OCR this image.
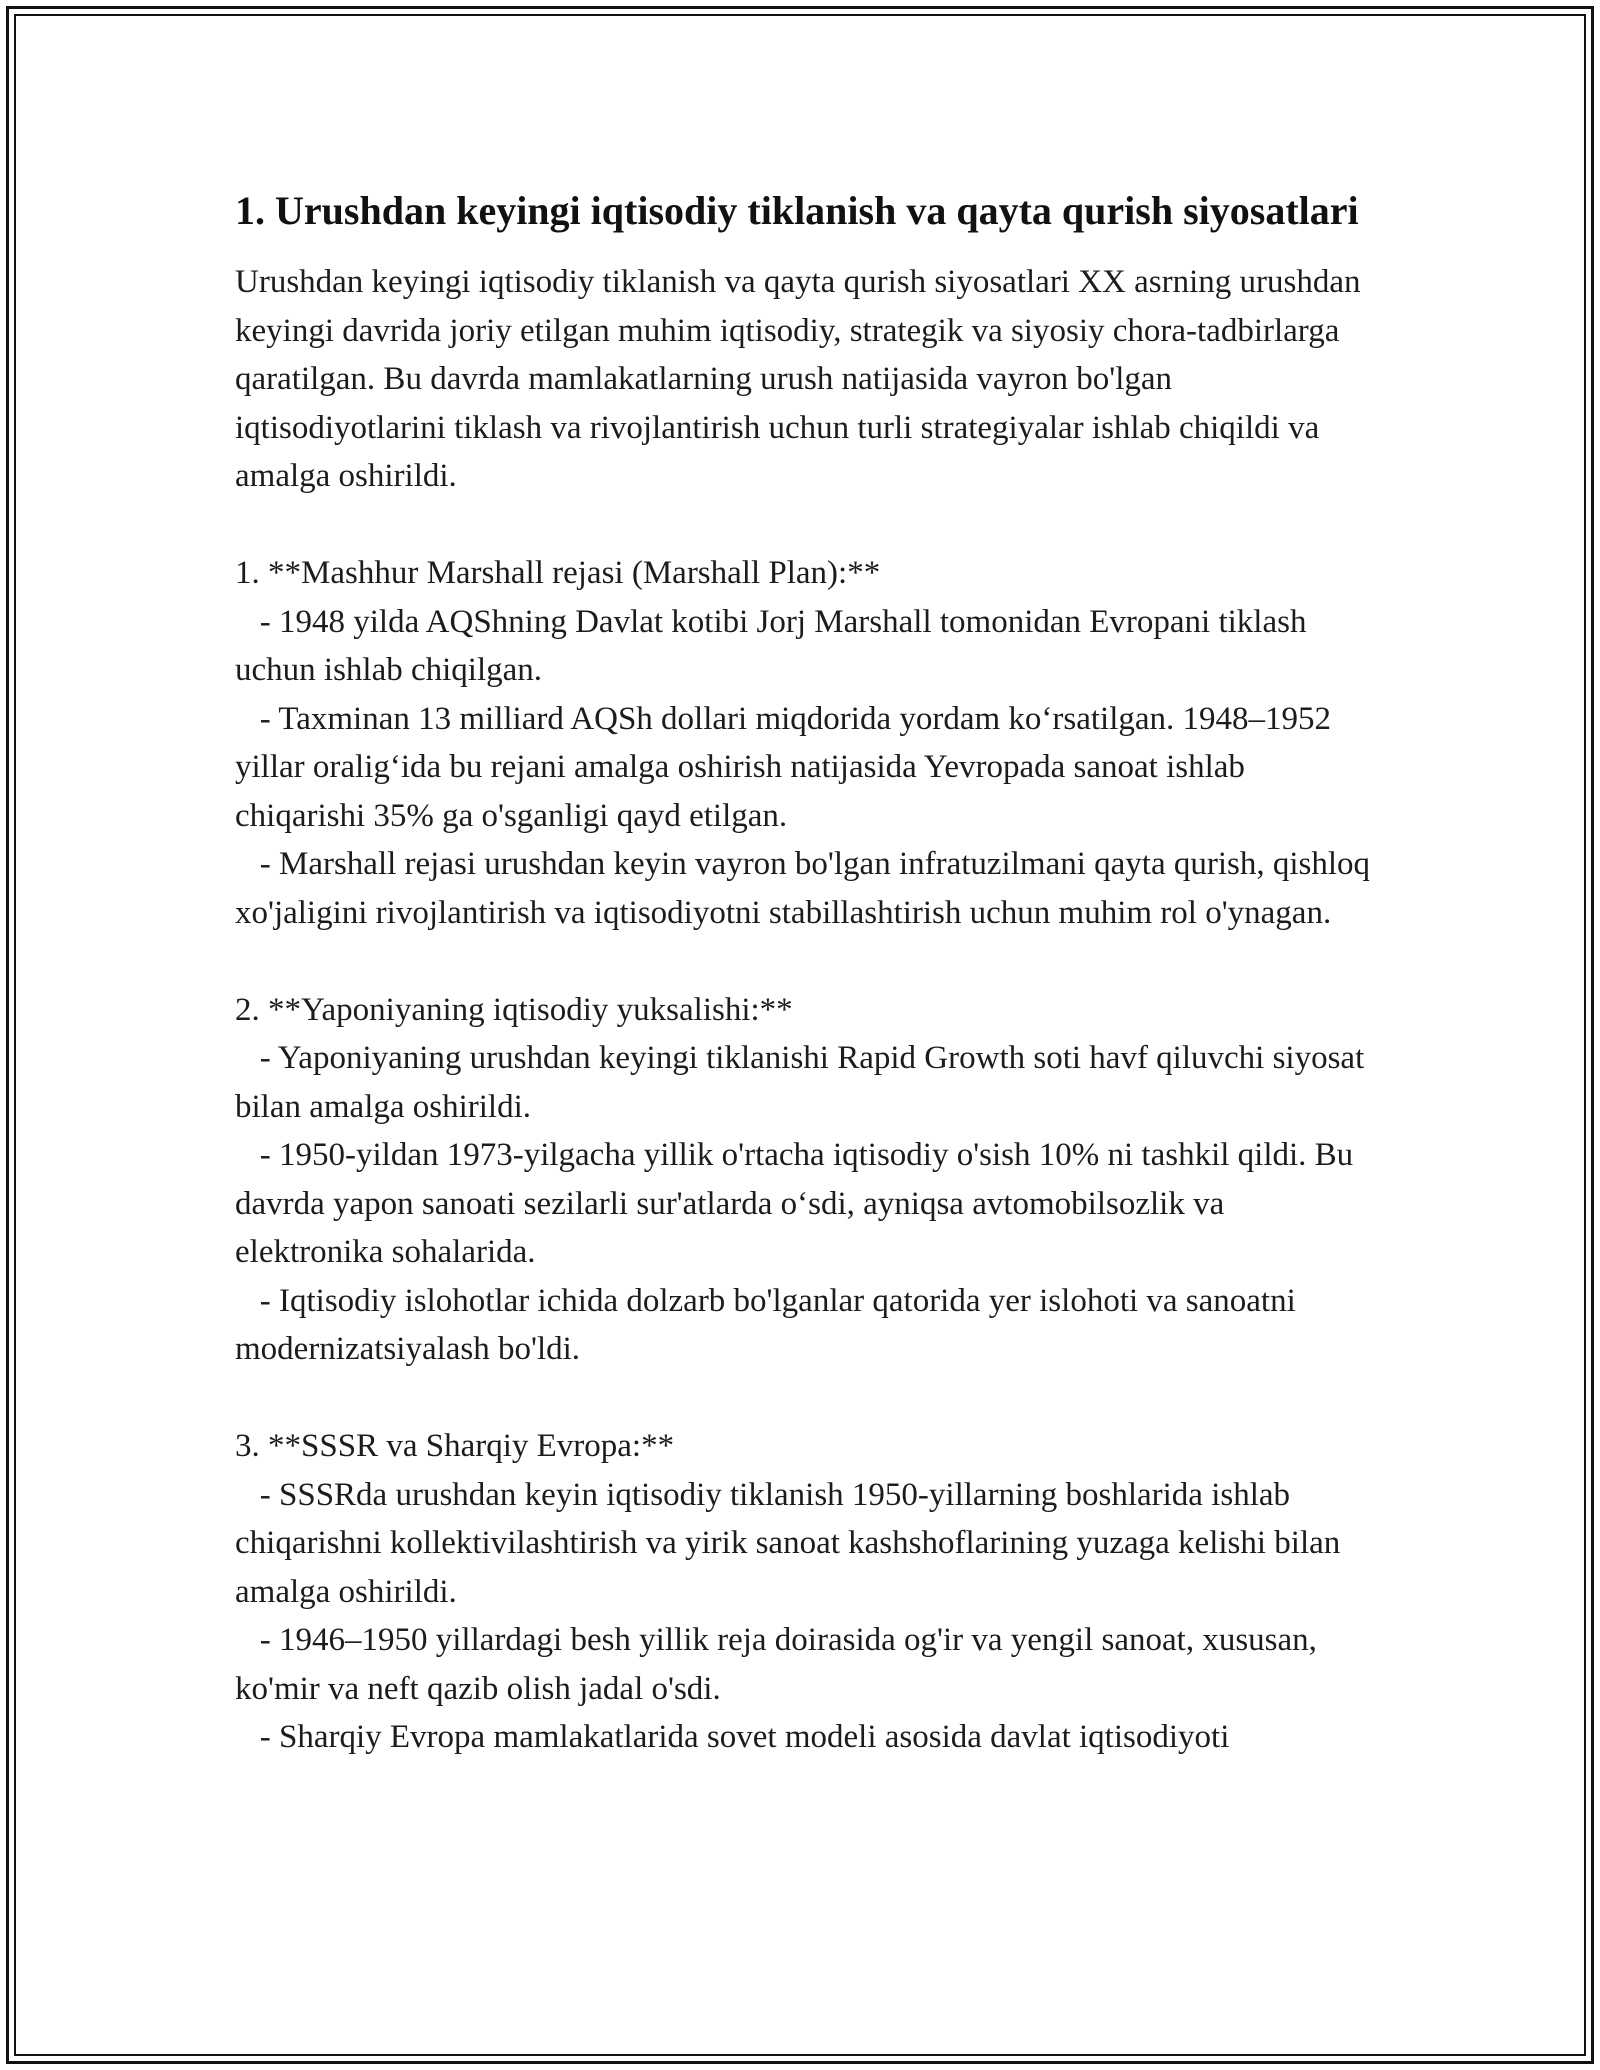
1. Urushdan keyingi iqtisodiy tiklanish va qayta qurish siyosatlari

Urushdan keyingi iqtisodiy tiklanish va qayta qurish siyosatlari XX asrning urushdan keyingi davrida joriy etilgan muhim iqtisodiy, strategik va siyosiy chora-tadbirlarga qaratilgan. Bu davrda mamlakatlarning urush natijasida vayron bo'lgan iqtisodiyotlarini tiklash va rivojlantirish uchun turli strategiyalar ishlab chiqildi va amalga oshirildi.

1. **Mashhur Marshall rejasi (Marshall Plan):**

- 1948 yilda AQShning Davlat kotibi Jorj Marshall tomonidan Evropani tiklash uchun ishlab chiqilgan.

- Taxminan 13 milliard AQSh dollari miqdorida yordam koʻrsatilgan. 1948–1952 yillar oraligʻida bu rejani amalga oshirish natijasida Yevropada sanoat ishlab chiqarishi 35% ga o'sganligi qayd etilgan.

- Marshall rejasi urushdan keyin vayron bo'lgan infratuzilmani qayta qurish, qishloq xo'jaligini rivojlantirish va iqtisodiyotni stabillashtirish uchun muhim rol o'ynagan.

2. **Yaponiyaning iqtisodiy yuksalishi:**

- Yaponiyaning urushdan keyingi tiklanishi Rapid Growth soti havf qiluvchi siyosat bilan amalga oshirildi.

- 1950-yildan 1973-yilgacha yillik o'rtacha iqtisodiy o'sish 10% ni tashkil qildi. Bu davrda yapon sanoati sezilarli sur'atlarda oʻsdi, ayniqsa avtomobilsozlik va elektronika sohalarida.

- Iqtisodiy islohotlar ichida dolzarb bo'lganlar qatorida yer islohoti va sanoatni modernizatsiyalash bo'ldi.

3. **SSSR va Sharqiy Evropa:**

- SSSRda urushdan keyin iqtisodiy tiklanish 1950-yillarning boshlarida ishlab chiqarishni kollektivilashtirish va yirik sanoat kashshoflarining yuzaga kelishi bilan amalga oshirildi.

- 1946–1950 yillardagi besh yillik reja doirasida og'ir va yengil sanoat, xususan, ko'mir va neft qazib olish jadal o'sdi.

- Sharqiy Evropa mamlakatlarida sovet modeli asosida davlat iqtisodiyoti
